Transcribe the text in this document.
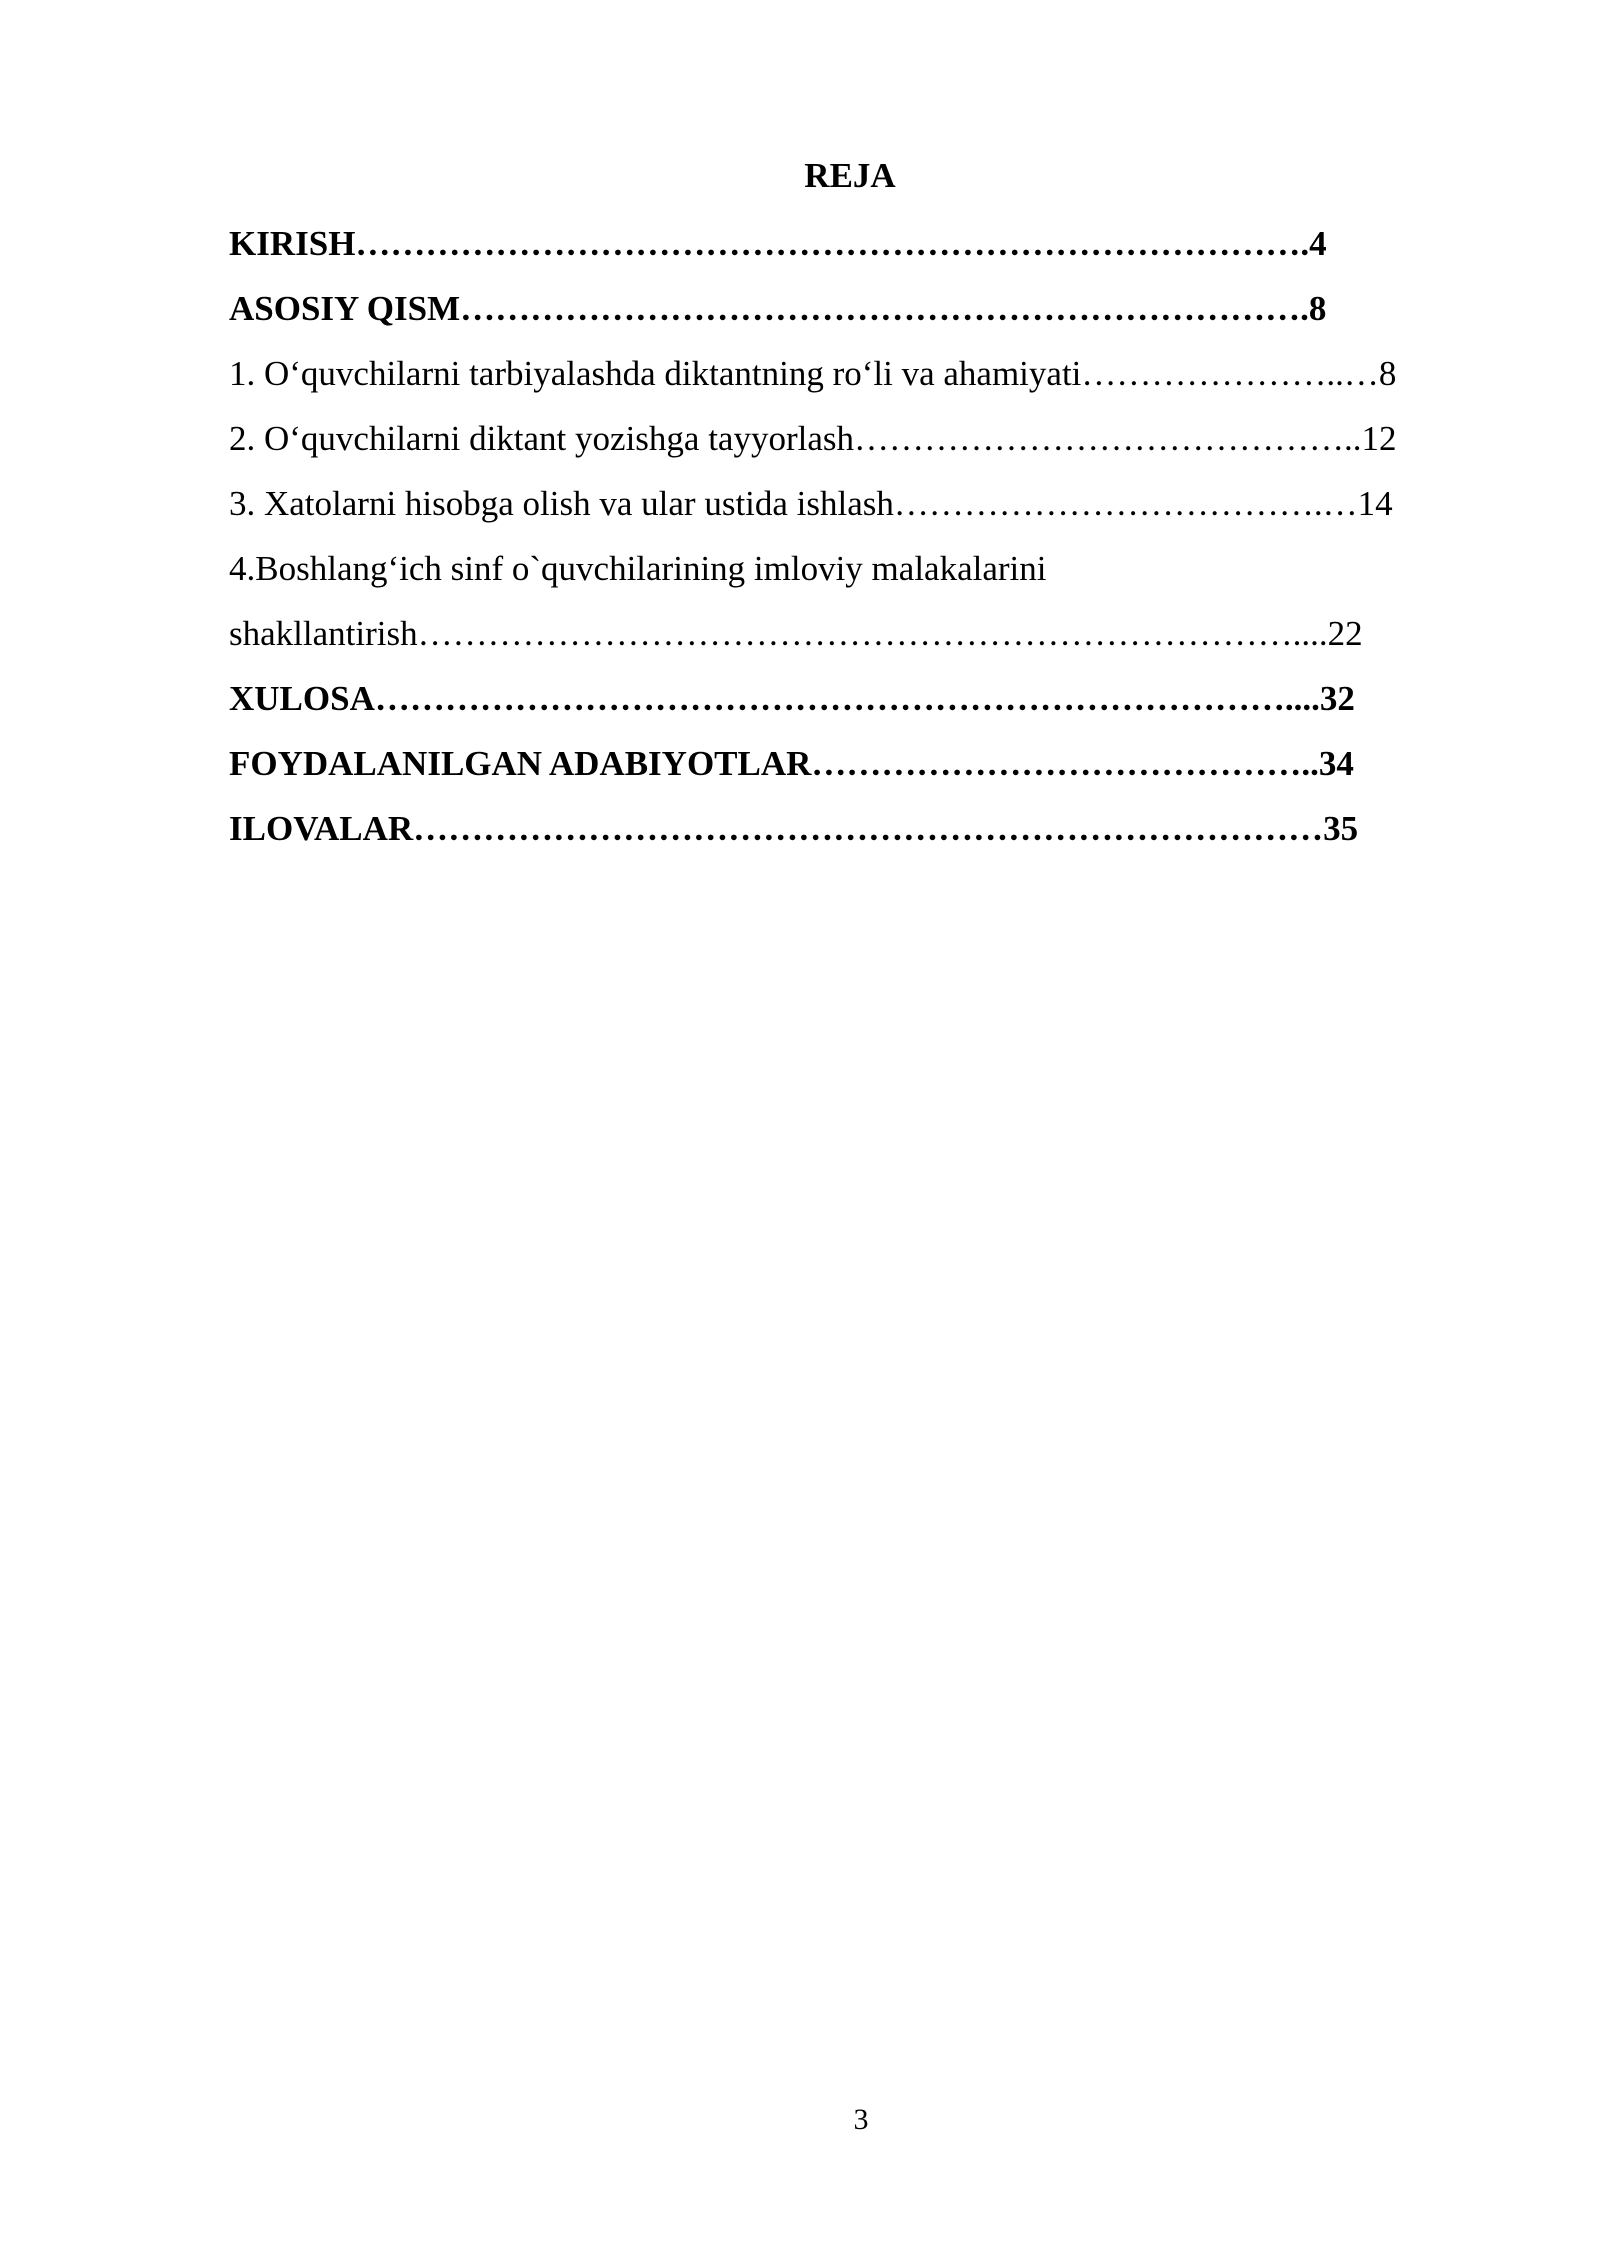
REJA
KIRISH……………………………………………………………………….4
ASOSIY QISM……………………………………………………………….8
1. O‘quvchilarni tarbiyalashda diktantning ro‘li va ahamiyati…………………..…8
2. O‘quvchilarni diktant yozishga tayyorlash……………………………………..12
3. Xatolarni hisobga olish va ular ustida ishlash……………………………….…14
4.Boshlang‘ich sinf o`quvchilarining imloviy malakalarini
shakllantirish…………………………………………………………………....22
XULOSA……………………………………………………………………....32
FOYDALANILGAN ADABIYOTLAR……………………………………..34
ILOVALAR……………………………………………………………………35
3
